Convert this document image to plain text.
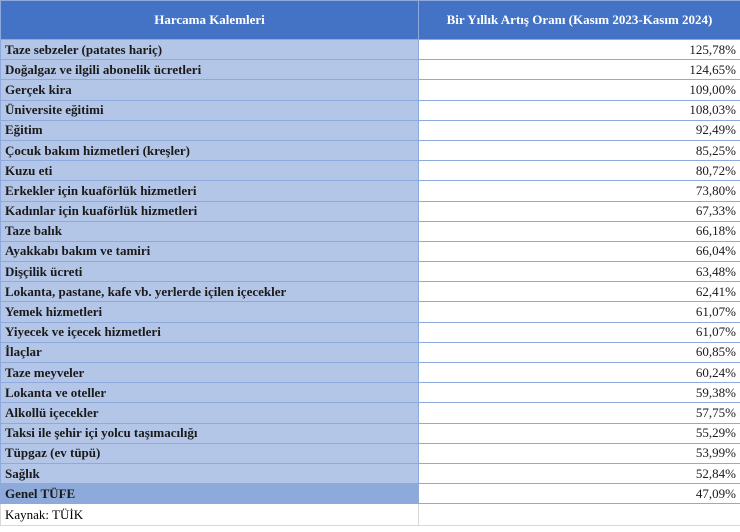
Harcama Kalemleri	Bir Yıllık Artış Oranı (Kasım 2023-Kasım 2024)
Taze sebzeler (patates hariç)	125,78%
Doğalgaz ve ilgili abonelik ücretleri	124,65%
Gerçek kira	109,00%
Üniversite eğitimi	108,03%
Eğitim	92,49%
Çocuk bakım hizmetleri (kreşler)	85,25%
Kuzu eti	80,72%
Erkekler için kuaförlük hizmetleri	73,80%
Kadınlar için kuaförlük hizmetleri	67,33%
Taze balık	66,18%
Ayakkabı bakım ve tamiri	66,04%
Dişçilik ücreti	63,48%
Lokanta, pastane, kafe vb. yerlerde içilen içecekler	62,41%
Yemek hizmetleri	61,07%
Yiyecek ve içecek hizmetleri	61,07%
İlaçlar	60,85%
Taze meyveler	60,24%
Lokanta ve oteller	59,38%
Alkollü içecekler	57,75%
Taksi ile şehir içi yolcu taşımacılığı	55,29%
Tüpgaz (ev tüpü)	53,99%
Sağlık	52,84%
Genel TÜFE	47,09%
Kaynak: TÜİK	
